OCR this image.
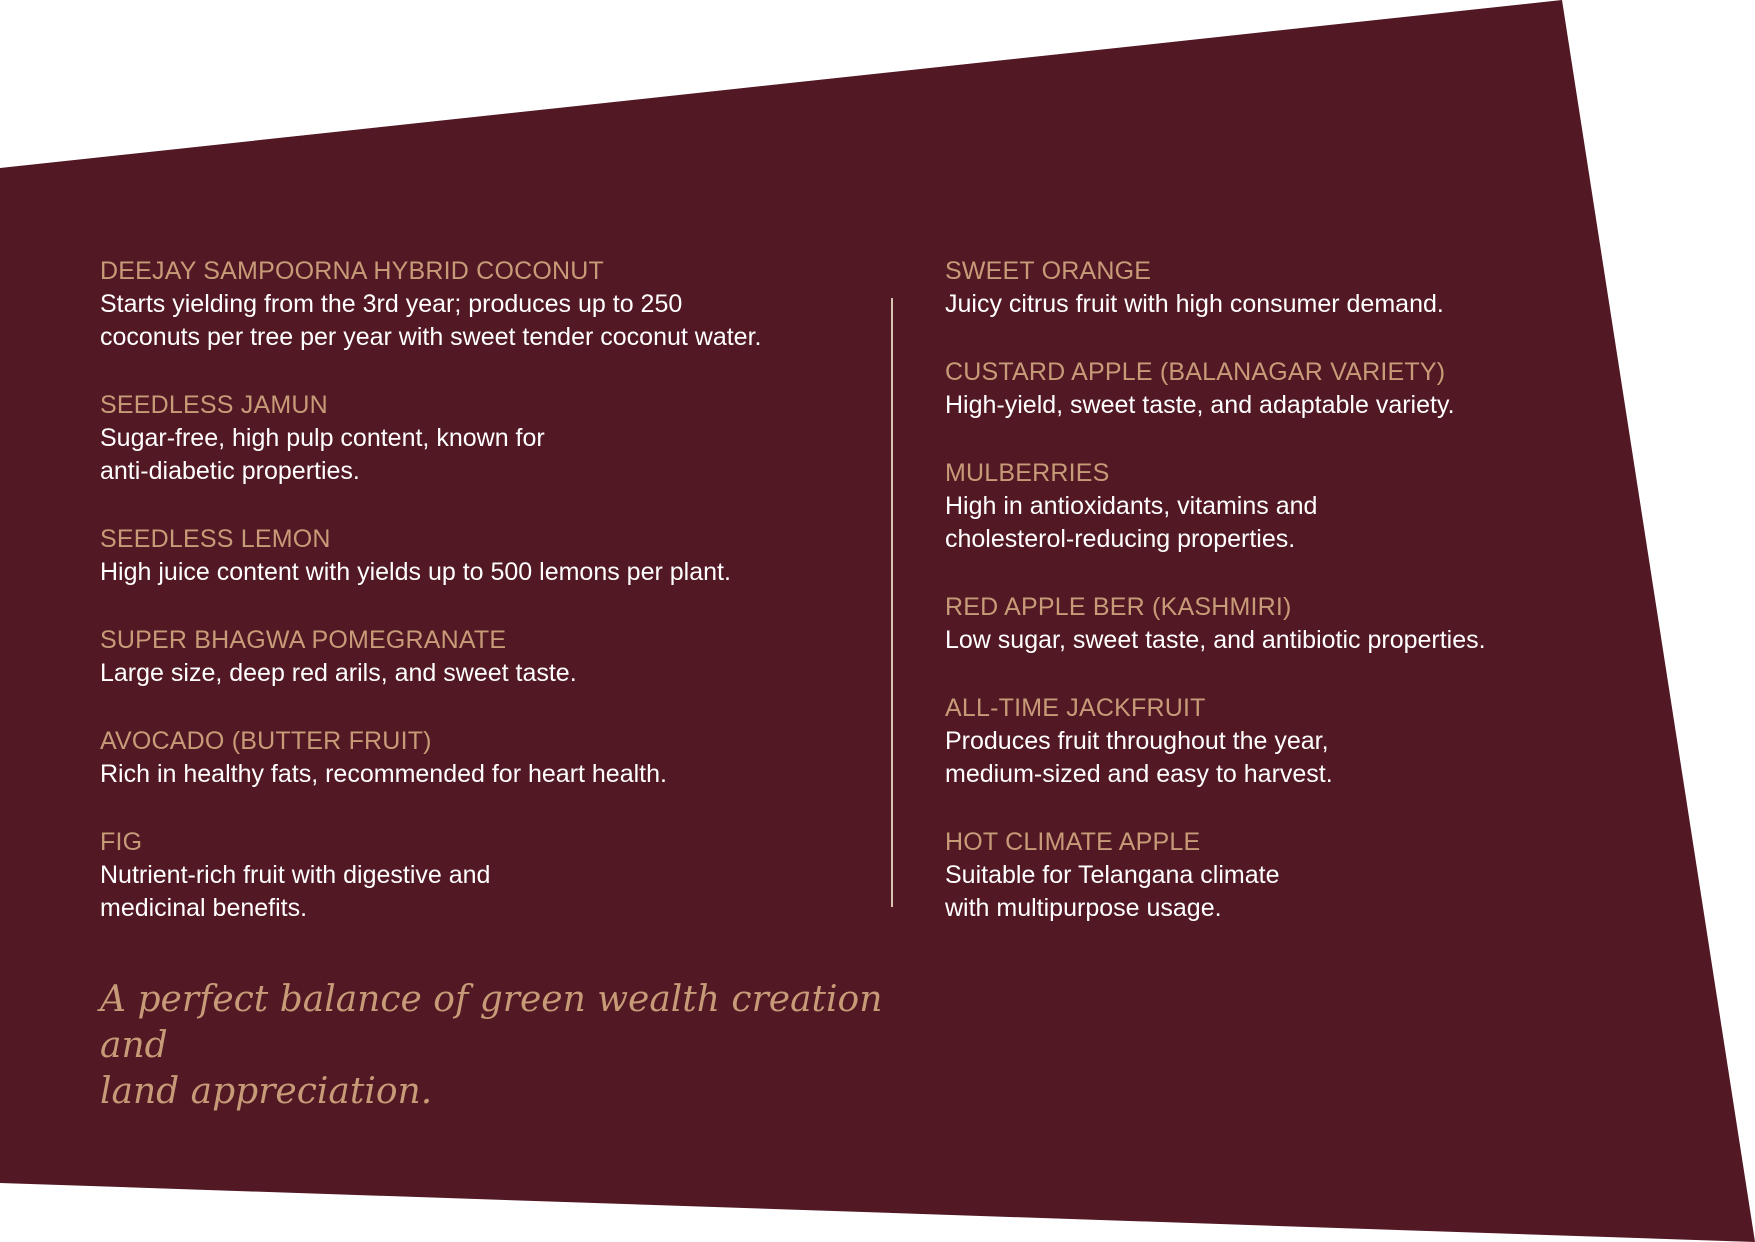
DEEJAY SAMPOORNA HYBRID COCONUT
Starts yielding from the 3rd year; produces up to 250
coconuts per tree per year with sweet tender coconut water.
SEEDLESS JAMUN
Sugar-free, high pulp content, known for
anti-diabetic properties.
SEEDLESS LEMON
High juice content with yields up to 500 lemons per plant.
SUPER BHAGWA POMEGRANATE
Large size, deep red arils, and sweet taste.
AVOCADO (BUTTER FRUIT)
Rich in healthy fats, recommended for heart health.
FIG
Nutrient-rich fruit with digestive and
medicinal benefits.
SWEET ORANGE
Juicy citrus fruit with high consumer demand.
CUSTARD APPLE (BALANAGAR VARIETY)
High-yield, sweet taste, and adaptable variety.
MULBERRIES
High in antioxidants, vitamins and
cholesterol-reducing properties.
RED APPLE BER (KASHMIRI)
Low sugar, sweet taste, and antibiotic properties.
ALL-TIME JACKFRUIT
Produces fruit throughout the year,
medium-sized and easy to harvest.
HOT CLIMATE APPLE
Suitable for Telangana climate
with multipurpose usage.
A perfect balance of green wealth creation and
land appreciation.
